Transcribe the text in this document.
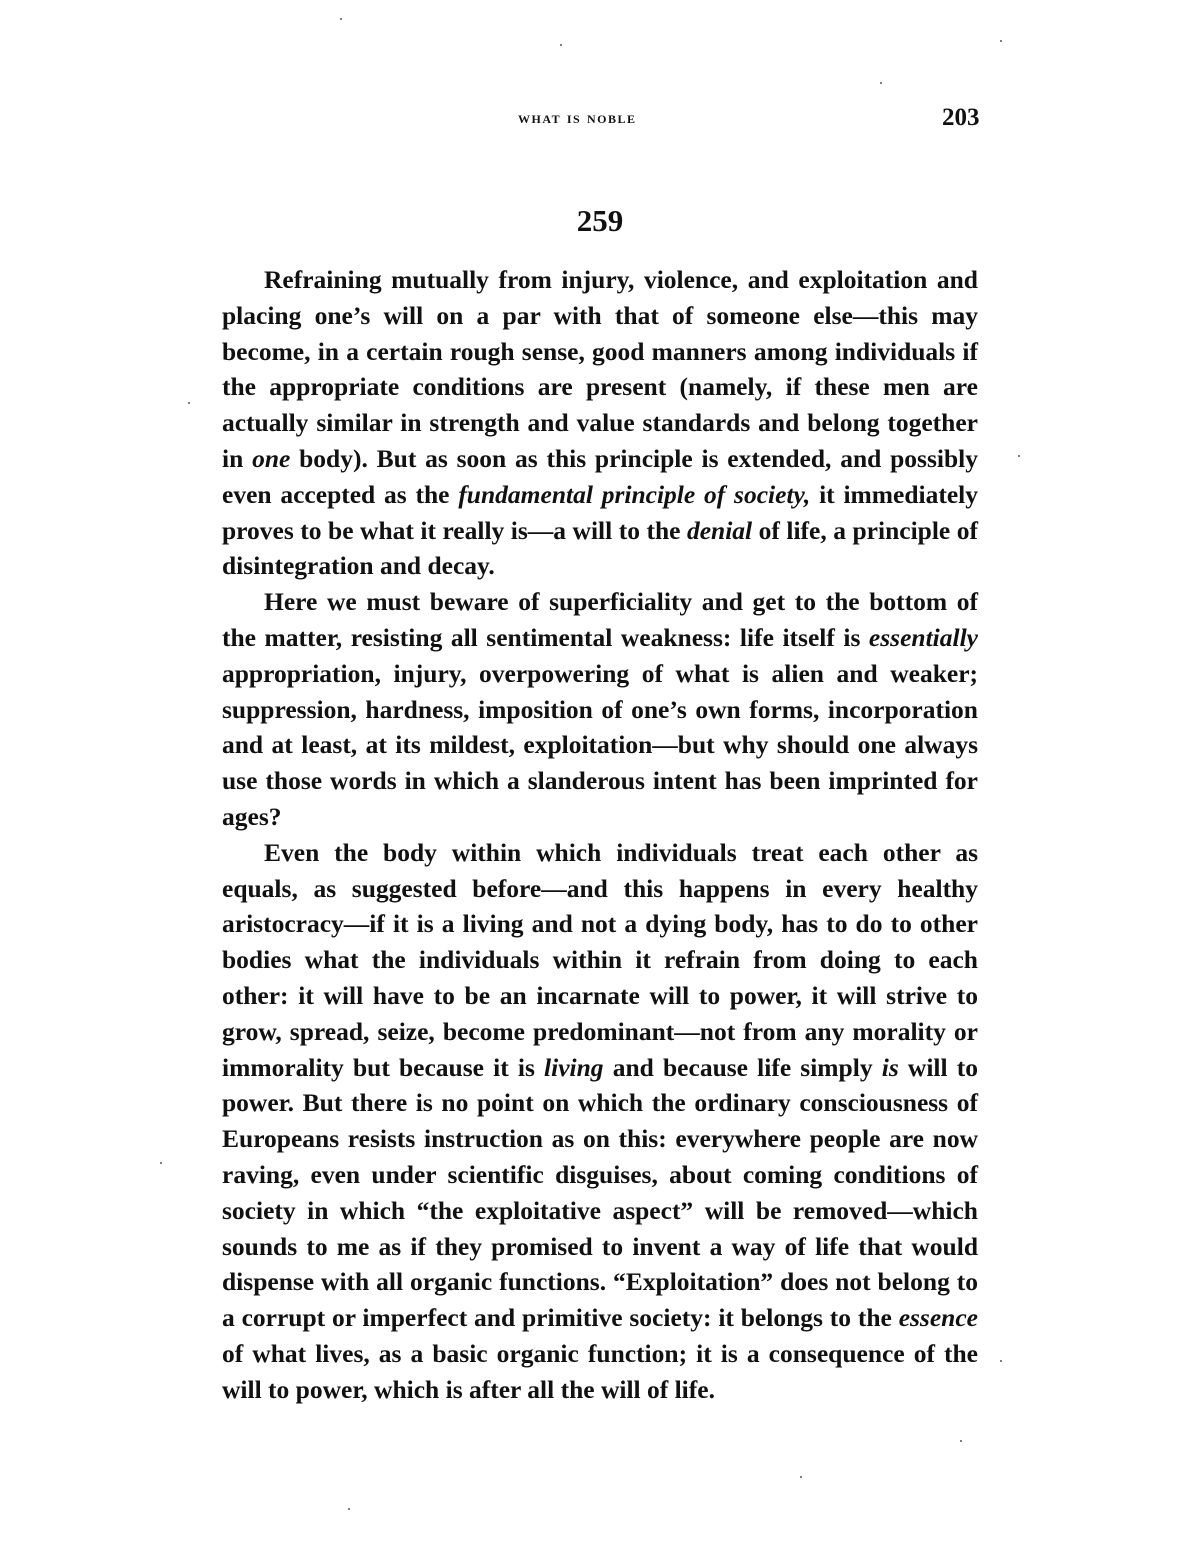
what is noble	203
259

Refraining mutually from injury, violence, and exploitation and placing one’s will on a par with that of someone else—this may become, in a certain rough sense, good manners among individuals if the appropriate conditions are present (namely, if these men are actually similar in strength and value standards and belong together in one body). But as soon as this principle is extended, and possibly even accepted as the fundamental principle of society, it immediately proves to be what it really is—a will to the denial of life, a principle of disintegration and decay.

Here we must beware of superficiality and get to the bottom of the matter, resisting all sentimental weakness: life itself is essentially appropriation, injury, overpowering of what is alien and weaker; suppression, hardness, imposition of one’s own forms, incorporation and at least, at its mildest, exploitation—but why should one always use those words in which a slanderous intent has been imprinted for ages?

Even the body within which individuals treat each other as equals, as suggested before—and this happens in every healthy aristocracy—if it is a living and not a dying body, has to do to other bodies what the individuals within it refrain from doing to each other: it will have to be an incarnate will to power, it will strive to grow, spread, seize, become predominant—not from any morality or immorality but because it is living and because life simply is will to power. But there is no point on which the ordinary consciousness of Europeans resists instruction as on this: everywhere people are now raving, even under scientific disguises, about coming conditions of society in which “the exploitative aspect” will be removed—which sounds to me as if they promised to invent a way of life that would dispense with all organic functions. “Exploitation” does not belong to a corrupt or imperfect and primitive society: it belongs to the essence of what lives, as a basic organic function; it is a consequence of the will to power, which is after all the will of life.
